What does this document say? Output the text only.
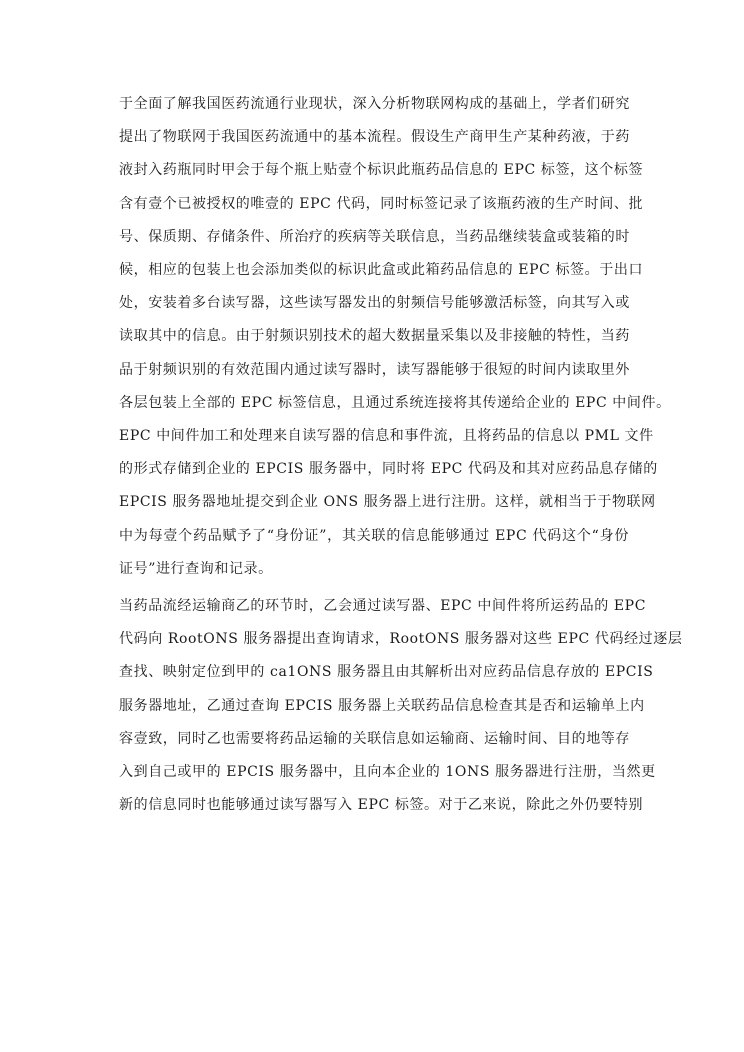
于全面了解我国医药流通行业现状，深入分析物联网构成的基础上，学者们研究
提出了物联网于我国医药流通中的基本流程。假设生产商甲生产某种药液，于药
液封入药瓶同时甲会于每个瓶上贴壹个标识此瓶药品信息的 EPC 标签，这个标签
含有壹个已被授权的唯壹的 EPC 代码，同时标签记录了该瓶药液的生产时间、批
号、保质期、存储条件、所治疗的疾病等关联信息，当药品继续装盒或装箱的时
候，相应的包装上也会添加类似的标识此盒或此箱药品信息的 EPC 标签。于出口
处，安装着多台读写器，这些读写器发出的射频信号能够激活标签，向其写入或
读取其中的信息。由于射频识别技术的超大数据量采集以及非接触的特性，当药
品于射频识别的有效范围内通过读写器时，读写器能够于很短的时间内读取里外
各层包装上全部的 EPC 标签信息，且通过系统连接将其传递给企业的 EPC 中间件。
EPC 中间件加工和处理来自读写器的信息和事件流，且将药品的信息以 PML 文件
的形式存储到企业的 EPCIS 服务器中，同时将 EPC 代码及和其对应药品息存储的
EPCIS 服务器地址提交到企业 ONS 服务器上进行注册。这样，就相当于于物联网
中为每壹个药品赋予了“身份证”，其关联的信息能够通过 EPC 代码这个“身份
证号”进行查询和记录。
当药品流经运输商乙的环节时，乙会通过读写器、EPC 中间件将所运药品的 EPC
代码向 RootONS 服务器提出查询请求，RootONS 服务器对这些 EPC 代码经过逐层
查找、映射定位到甲的 ca1ONS 服务器且由其解析出对应药品信息存放的 EPCIS
服务器地址，乙通过查询 EPCIS 服务器上关联药品信息检查其是否和运输单上内
容壹致，同时乙也需要将药品运输的关联信息如运输商、运输时间、目的地等存
入到自己或甲的 EPCIS 服务器中，且向本企业的 1ONS 服务器进行注册，当然更
新的信息同时也能够通过读写器写入 EPC 标签。对于乙来说，除此之外仍要特别
